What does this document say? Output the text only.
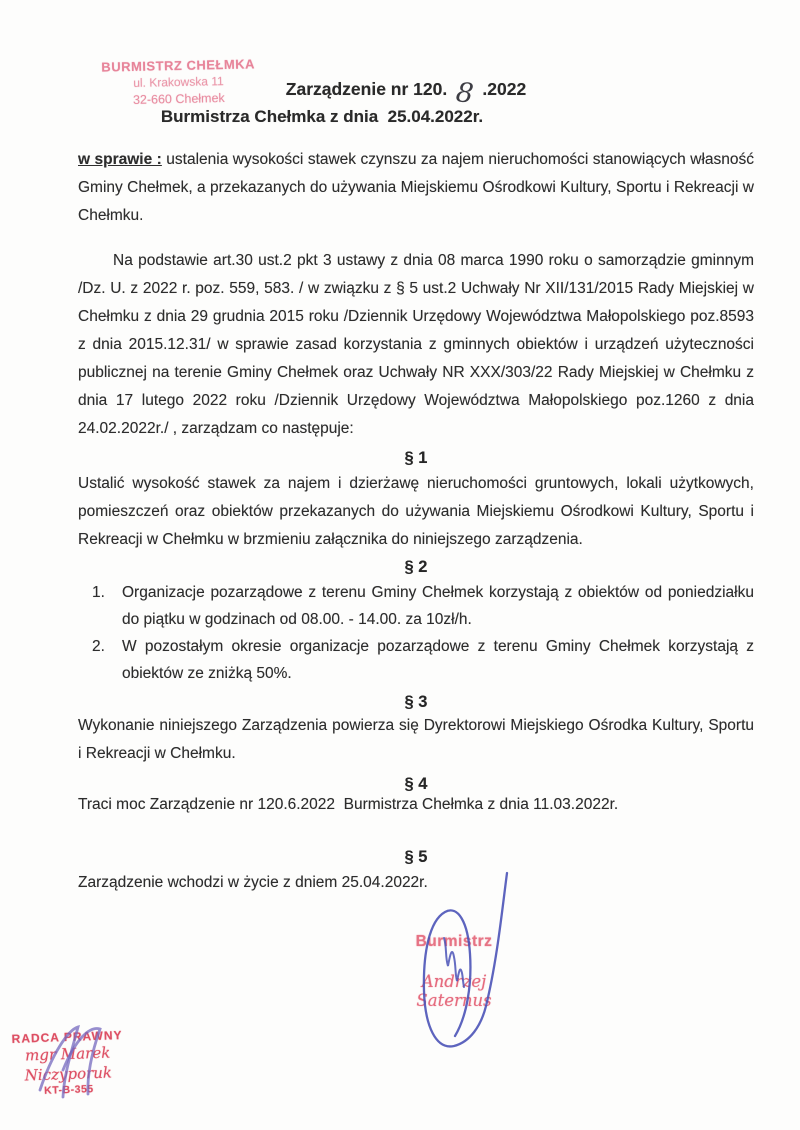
BURMISTRZ CHEŁMKA
ul. Krakowska 11
32-660 Chełmek	Zarządzenie nr 120. 8 .2022
Burmistrza Chełmka z dnia  25.04.2022r.

w sprawie : ustalenia wysokości stawek czynszu za najem nieruchomości stanowiących własność Gminy Chełmek, a przekazanych do używania Miejskiemu Ośrodkowi Kultury, Sportu i Rekreacji w Chełmku.

Na podstawie art.30 ust.2 pkt 3 ustawy z dnia 08 marca 1990 roku o samorządzie gminnym /Dz. U. z 2022 r. poz. 559, 583. / w związku z § 5 ust.2 Uchwały Nr XII/131/2015 Rady Miejskiej w Chełmku z dnia 29 grudnia 2015 roku /Dziennik Urzędowy Województwa Małopolskiego poz.8593 z dnia 2015.12.31/ w sprawie zasad korzystania z gminnych obiektów i urządzeń użyteczności publicznej na terenie Gminy Chełmek oraz Uchwały NR XXX/303/22 Rady Miejskiej w Chełmku z dnia 17 lutego 2022 roku /Dziennik Urzędowy Województwa Małopolskiego poz.1260 z dnia 24.02.2022r./ , zarządzam co następuje:

§ 1

Ustalić wysokość stawek za najem i dzierżawę nieruchomości gruntowych, lokali użytkowych, pomieszczeń oraz obiektów przekazanych do używania Miejskiemu Ośrodkowi Kultury, Sportu i Rekreacji w Chełmku w brzmieniu załącznika do niniejszego zarządzenia.

§ 2
1. Organizacje pozarządowe z terenu Gminy Chełmek korzystają z obiektów od poniedziałku do piątku w godzinach od 08.00. - 14.00. za 10zł/h.
2. W pozostałym okresie organizacje pozarządowe z terenu Gminy Chełmek korzystają z obiektów ze zniżką 50%.
§ 3

Wykonanie niniejszego Zarządzenia powierza się Dyrektorowi Miejskiego Ośrodka Kultury, Sportu i Rekreacji w Chełmku.

§ 4

Traci moc Zarządzenie nr 120.6.2022  Burmistrza Chełmka z dnia 11.03.2022r.

§ 5

Zarządzenie wchodzi w życie z dniem 25.04.2022r.

Burmistrz
Andrzej Saternus
RADCA PRAWNY
mgr Marek Niczyporuk
KT-B-355
